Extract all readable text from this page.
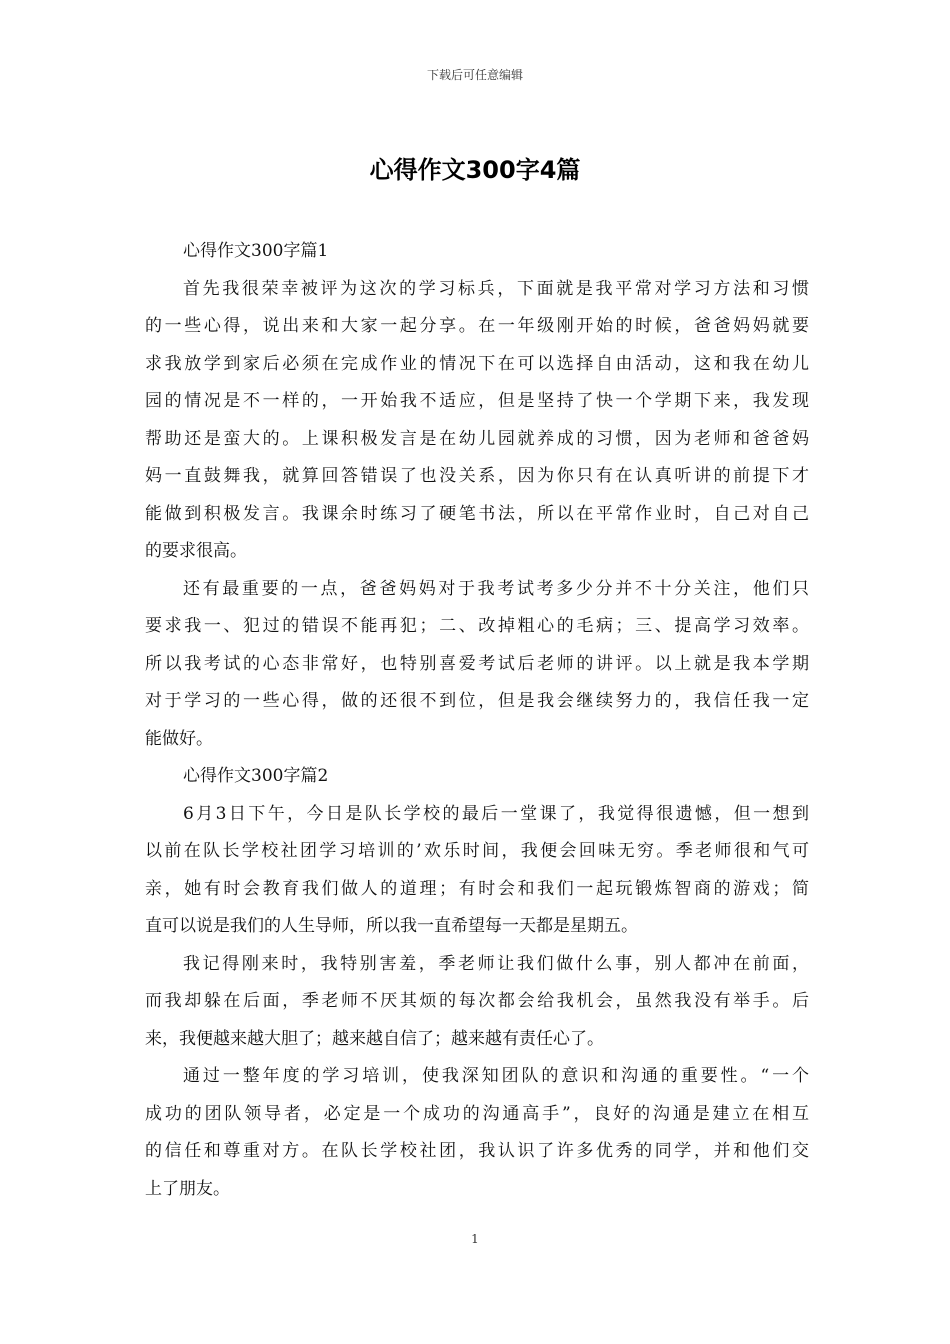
下载后可任意编辑
心得作文300字4篇
心得作文300字篇1
首先我很荣幸被评为这次的学习标兵，下面就是我平常对学习方法和习惯
的一些心得，说出来和大家一起分享。在一年级刚开始的时候，爸爸妈妈就要
求我放学到家后必须在完成作业的情况下在可以选择自由活动，这和我在幼儿
园的情况是不一样的，一开始我不适应，但是坚持了快一个学期下来，我发现
帮助还是蛮大的。上课积极发言是在幼儿园就养成的习惯，因为老师和爸爸妈
妈一直鼓舞我，就算回答错误了也没关系，因为你只有在认真听讲的前提下才
能做到积极发言。我课余时练习了硬笔书法，所以在平常作业时，自己对自己
的要求很高。
还有最重要的一点，爸爸妈妈对于我考试考多少分并不十分关注，他们只
要求我一、犯过的错误不能再犯；二、改掉粗心的毛病；三、提高学习效率。
所以我考试的心态非常好，也特别喜爱考试后老师的讲评。以上就是我本学期
对于学习的一些心得，做的还很不到位，但是我会继续努力的，我信任我一定
能做好。
心得作文300字篇2
6月3日下午，今日是队长学校的最后一堂课了，我觉得很遗憾，但一想到
以前在队长学校社团学习培训的’欢乐时间，我便会回味无穷。季老师很和气可
亲，她有时会教育我们做人的道理；有时会和我们一起玩锻炼智商的游戏；简
直可以说是我们的人生导师，所以我一直希望每一天都是星期五。
我记得刚来时，我特别害羞，季老师让我们做什么事，别人都冲在前面，
而我却躲在后面，季老师不厌其烦的每次都会给我机会，虽然我没有举手。后
来，我便越来越大胆了；越来越自信了；越来越有责任心了。
通过一整年度的学习培训，使我深知团队的意识和沟通的重要性。“一个
成功的团队领导者，必定是一个成功的沟通高手”，良好的沟通是建立在相互
的信任和尊重对方。在队长学校社团，我认识了许多优秀的同学，并和他们交
上了朋友。
1
